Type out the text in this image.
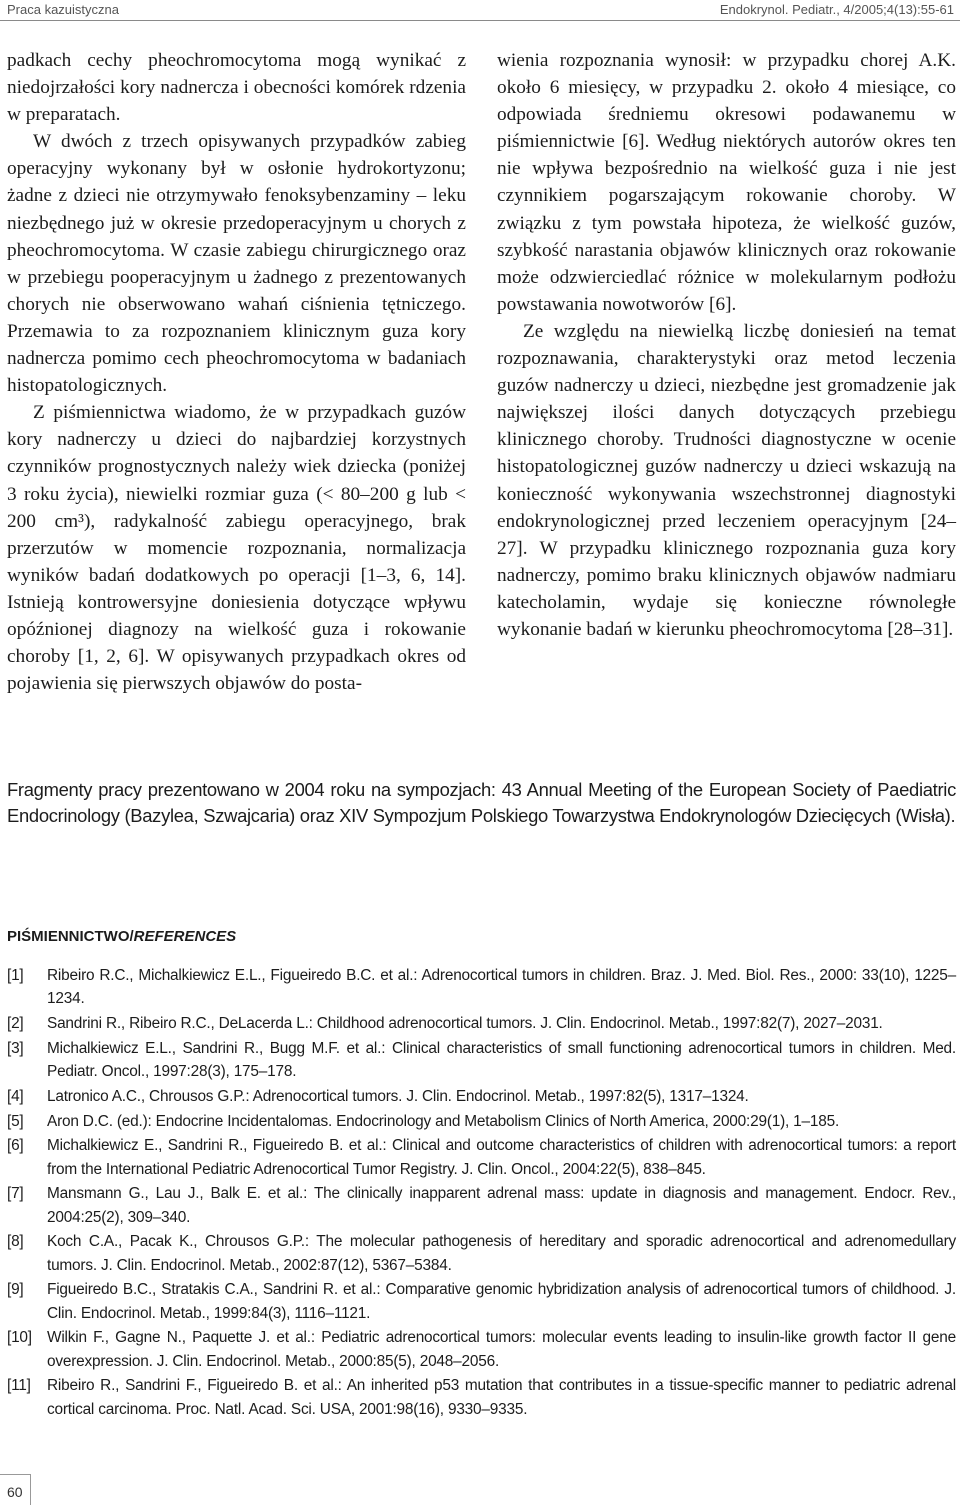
Praca kazuistyczna	Endokrynol. Pediatr., 4/2005;4(13):55-61

padkach cechy pheochromocytoma mogą wynikać z niedojrzałości kory nadnercza i obecności komórek rdzenia w preparatach.

W dwóch z trzech opisywanych przypadków zabieg operacyjny wykonany był w osłonie hydrokortyzonu; żadne z dzieci nie otrzymywało fenoksybenzaminy – leku niezbędnego już w okresie przedoperacyjnym u chorych z pheochromocytoma. W czasie zabiegu chirurgicznego oraz w przebiegu pooperacyjnym u żadnego z prezentowanych chorych nie obserwowano wahań ciśnienia tętniczego. Przemawia to za rozpoznaniem klinicznym guza kory nadnercza pomimo cech pheochromocytoma w badaniach histopatologicznych.

Z piśmiennictwa wiadomo, że w przypadkach guzów kory nadnerczy u dzieci do najbardziej korzystnych czynników prognostycznych należy wiek dziecka (poniżej 3 roku życia), niewielki rozmiar guza (< 80–200 g lub < 200 cm³), radykalność zabiegu operacyjnego, brak przerzutów w momencie rozpoznania, normalizacja wyników badań dodatkowych po operacji [1–3, 6, 14]. Istnieją kontrowersyjne doniesienia dotyczące wpływu opóźnionej diagnozy na wielkość guza i rokowanie choroby [1, 2, 6]. W opisywanych przypadkach okres od pojawienia się pierwszych objawów do posta-

wienia rozpoznania wynosił: w przypadku chorej A.K. około 6 miesięcy, w przypadku 2. około 4 miesiące, co odpowiada średniemu okresowi podawanemu w piśmiennictwie [6]. Według niektórych autorów okres ten nie wpływa bezpośrednio na wielkość guza i nie jest czynnikiem pogarszającym rokowanie choroby. W związku z tym powstała hipoteza, że wielkość guzów, szybkość narastania objawów klinicznych oraz rokowanie może odzwierciedlać różnice w molekularnym podłożu powstawania nowotworów [6].

Ze względu na niewielką liczbę doniesień na temat rozpoznawania, charakterystyki oraz metod leczenia guzów nadnerczy u dzieci, niezbędne jest gromadzenie jak największej ilości danych dotyczących przebiegu klinicznego choroby. Trudności diagnostyczne w ocenie histopatologicznej guzów nadnerczy u dzieci wskazują na konieczność wykonywania wszechstronnej diagnostyki endokrynologicznej przed leczeniem operacyjnym [24–27]. W przypadku klinicznego rozpoznania guza kory nadnerczy, pomimo braku klinicznych objawów nadmiaru katecholamin, wydaje się konieczne równoległe wykonanie badań w kierunku pheochromocytoma [28–31].

Fragmenty pracy prezentowano w 2004 roku na sympozjach: 43 Annual Meeting of the European Society of Paediatric Endocrinology (Bazylea, Szwajcaria) oraz XIV Sympozjum Polskiego Towarzystwa Endokrynologów Dziecięcych (Wisła).
PIŚMIENNICTWO/REFERENCES
[1]	Ribeiro R.C., Michalkiewicz E.L., Figueiredo B.C. et al.: Adrenocortical tumors in children. Braz. J. Med. Biol. Res., 2000: 33(10), 1225–1234.
[2]	Sandrini R., Ribeiro R.C., DeLacerda L.: Childhood adrenocortical tumors. J. Clin. Endocrinol. Metab., 1997:82(7), 2027–2031.
[3]	Michalkiewicz E.L., Sandrini R., Bugg M.F. et al.: Clinical characteristics of small functioning adrenocortical tumors in children. Med. Pediatr. Oncol., 1997:28(3), 175–178.
[4]	Latronico A.C., Chrousos G.P.: Adrenocortical tumors. J. Clin. Endocrinol. Metab., 1997:82(5), 1317–1324.
[5]	Aron D.C. (ed.): Endocrine Incidentalomas. Endocrinology and Metabolism Clinics of North America, 2000:29(1), 1–185.
[6]	Michalkiewicz E., Sandrini R., Figueiredo B. et al.: Clinical and outcome characteristics of children with adrenocortical tumors: a report from the International Pediatric Adrenocortical Tumor Registry. J. Clin. Oncol., 2004:22(5), 838–845.
[7]	Mansmann G., Lau J., Balk E. et al.: The clinically inapparent adrenal mass: update in diagnosis and management. Endocr. Rev., 2004:25(2), 309–340.
[8]	Koch C.A., Pacak K., Chrousos G.P.: The molecular pathogenesis of hereditary and sporadic adrenocortical and adrenomedullary tumors. J. Clin. Endocrinol. Metab., 2002:87(12), 5367–5384.
[9]	Figueiredo B.C., Stratakis C.A., Sandrini R. et al.: Comparative genomic hybridization analysis of adrenocortical tumors of childhood. J. Clin. Endocrinol. Metab., 1999:84(3), 1116–1121.
[10] Wilkin F., Gagne N., Paquette J. et al.: Pediatric adrenocortical tumors: molecular events leading to insulin-like growth factor II gene overexpression. J. Clin. Endocrinol. Metab., 2000:85(5), 2048–2056.
[11]	Ribeiro R., Sandrini F., Figueiredo B. et al.: An inherited p53 mutation that contributes in a tissue-specific manner to pediatric adrenal cortical carcinoma. Proc. Natl. Acad. Sci. USA, 2001:98(16), 9330–9335.
60
